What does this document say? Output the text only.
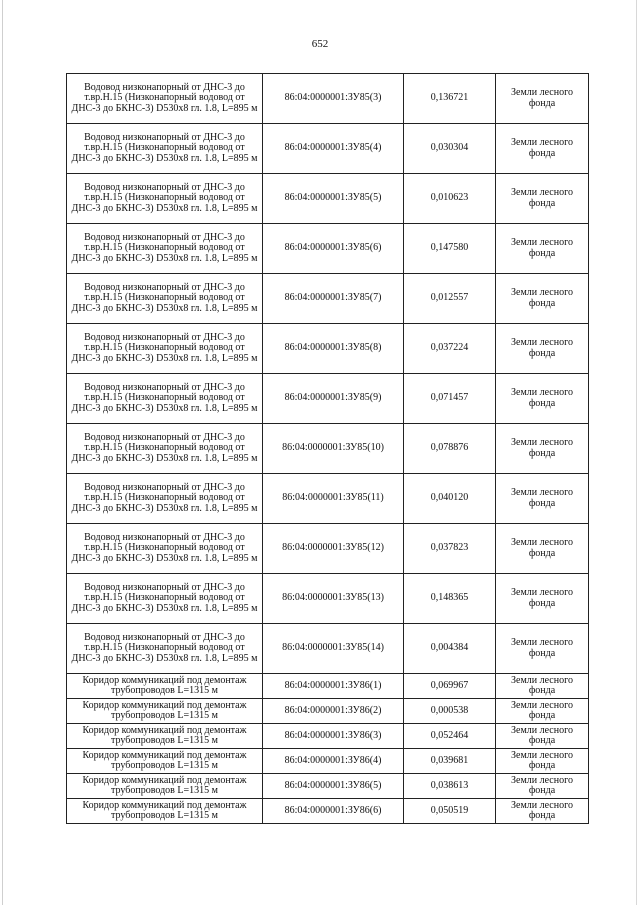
652
Водовод низконапорный от ДНС-3 до т.вр.Н.15 (Низконапорный водовод от ДНС-3 до БКНС-3) D530x8 гл. 1.8, L=895 м	86:04:0000001:ЗУ85(3)	0,136721	Земли лесного фонда
Водовод низконапорный от ДНС-3 до т.вр.Н.15 (Низконапорный водовод от ДНС-3 до БКНС-3) D530x8 гл. 1.8, L=895 м	86:04:0000001:ЗУ85(4)	0,030304	Земли лесного фонда
Водовод низконапорный от ДНС-3 до т.вр.Н.15 (Низконапорный водовод от ДНС-3 до БКНС-3) D530x8 гл. 1.8, L=895 м	86:04:0000001:ЗУ85(5)	0,010623	Земли лесного фонда
Водовод низконапорный от ДНС-3 до т.вр.Н.15 (Низконапорный водовод от ДНС-3 до БКНС-3) D530x8 гл. 1.8, L=895 м	86:04:0000001:ЗУ85(6)	0,147580	Земли лесного фонда
Водовод низконапорный от ДНС-3 до т.вр.Н.15 (Низконапорный водовод от ДНС-3 до БКНС-3) D530x8 гл. 1.8, L=895 м	86:04:0000001:ЗУ85(7)	0,012557	Земли лесного фонда
Водовод низконапорный от ДНС-3 до т.вр.Н.15 (Низконапорный водовод от ДНС-3 до БКНС-3) D530x8 гл. 1.8, L=895 м	86:04:0000001:ЗУ85(8)	0,037224	Земли лесного фонда
Водовод низконапорный от ДНС-3 до т.вр.Н.15 (Низконапорный водовод от ДНС-3 до БКНС-3) D530x8 гл. 1.8, L=895 м	86:04:0000001:ЗУ85(9)	0,071457	Земли лесного фонда
Водовод низконапорный от ДНС-3 до т.вр.Н.15 (Низконапорный водовод от ДНС-3 до БКНС-3) D530x8 гл. 1.8, L=895 м	86:04:0000001:ЗУ85(10)	0,078876	Земли лесного фонда
Водовод низконапорный от ДНС-3 до т.вр.Н.15 (Низконапорный водовод от ДНС-3 до БКНС-3) D530x8 гл. 1.8, L=895 м	86:04:0000001:ЗУ85(11)	0,040120	Земли лесного фонда
Водовод низконапорный от ДНС-3 до т.вр.Н.15 (Низконапорный водовод от ДНС-3 до БКНС-3) D530x8 гл. 1.8, L=895 м	86:04:0000001:ЗУ85(12)	0,037823	Земли лесного фонда
Водовод низконапорный от ДНС-3 до т.вр.Н.15 (Низконапорный водовод от ДНС-3 до БКНС-3) D530x8 гл. 1.8, L=895 м	86:04:0000001:ЗУ85(13)	0,148365	Земли лесного фонда
Водовод низконапорный от ДНС-3 до т.вр.Н.15 (Низконапорный водовод от ДНС-3 до БКНС-3) D530x8 гл. 1.8, L=895 м	86:04:0000001:ЗУ85(14)	0,004384	Земли лесного фонда
Коридор коммуникаций под демонтаж трубопроводов L=1315 м	86:04:0000001:ЗУ86(1)	0,069967	Земли лесного фонда
Коридор коммуникаций под демонтаж трубопроводов L=1315 м	86:04:0000001:ЗУ86(2)	0,000538	Земли лесного фонда
Коридор коммуникаций под демонтаж трубопроводов L=1315 м	86:04:0000001:ЗУ86(3)	0,052464	Земли лесного фонда
Коридор коммуникаций под демонтаж трубопроводов L=1315 м	86:04:0000001:ЗУ86(4)	0,039681	Земли лесного фонда
Коридор коммуникаций под демонтаж трубопроводов L=1315 м	86:04:0000001:ЗУ86(5)	0,038613	Земли лесного фонда
Коридор коммуникаций под демонтаж трубопроводов L=1315 м	86:04:0000001:ЗУ86(6)	0,050519	Земли лесного фонда
